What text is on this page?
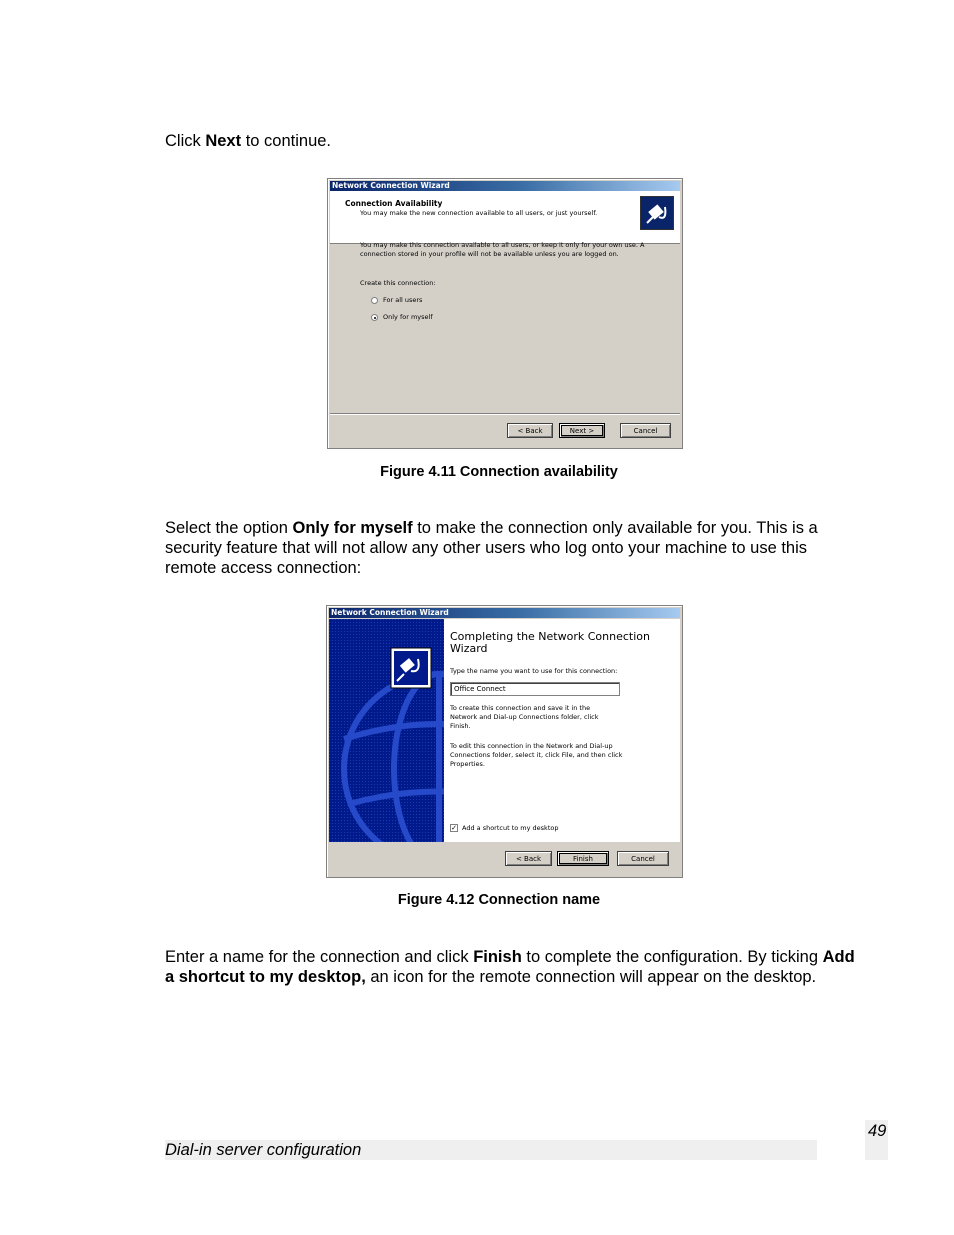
Click Next to continue.

Network Connection Wizard
Connection Availability
You may make the new connection available to all users, or just yourself.
You may make this connection available to all users, or keep it only for your own use. A connection stored in your profile will not be available unless you are logged on.
Create this connection:
For all users
Only for myself
< Back	Next >	Cancel

Figure 4.11 Connection availability

Select the option Only for myself to make the connection only available for you. This is a security feature that will not allow any other users who log onto your machine to use this remote access connection:

Network Connection Wizard
Completing the Network Connection Wizard
Type the name you want to use for this connection:
Office Connect
To create this connection and save it in the Network and Dial-up Connections folder, click Finish.
To edit this connection in the Network and Dial-up Connections folder, select it, click File, and then click Properties.
✓ Add a shortcut to my desktop
< Back	Finish	Cancel

Figure 4.12 Connection name

Enter a name for the connection and click Finish to complete the configuration. By ticking Add a shortcut to my desktop, an icon for the remote connection will appear on the desktop.

Dial-in server configuration
49
